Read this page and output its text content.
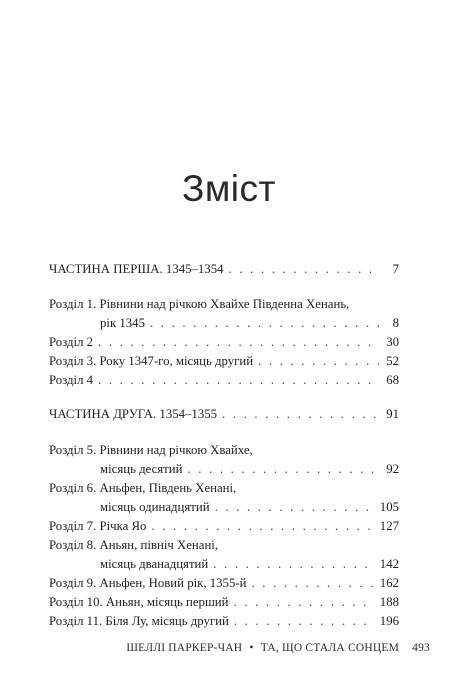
Зміст
ЧАСТИНА ПЕРША. 1345–1354 . . .	7
Розділ 1. Рівнини над річкою Хвайхе Південна Хенань,
рік 1345 . . .	8
Розділ 2 . . .	30
Розділ 3. Року 1347-го, місяць другий . . .	52
Розділ 4 . . .	68
ЧАСТИНА ДРУГА. 1354–1355 . . .	91
Розділ 5. Рівнини над річкою Хвайхе,
місяць десятий . . .	92
Розділ 6. Аньфен, Південь Хенані,
місяць одинадцятий . . .	105
Розділ 7. Річка Яо . . .	127
Розділ 8. Аньян, північ Хенані,
місяць дванадцятий . . .	142
Розділ 9. Аньфен, Новий рік, 1355-й . . .	162
Розділ 10. Аньян, місяць перший . . .	188
Розділ 11. Біля Лу, місяць другий . . .	196
ШЕЛЛІ ПАРКЕР-ЧАН • ТА, ЩО СТАЛА СОНЦЕМ 493
